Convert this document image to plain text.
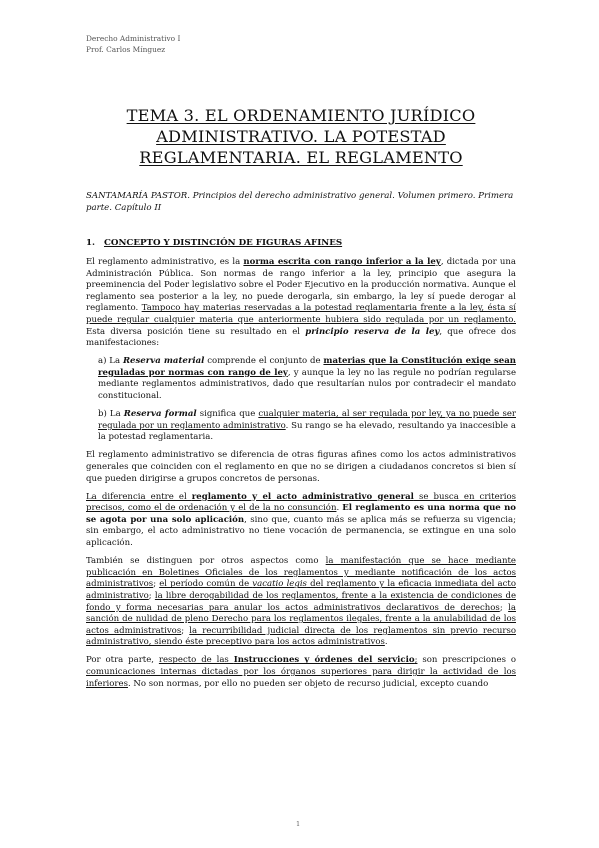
Derecho Administrativo I
Prof. Carlos Mínguez
TEMA 3. EL ORDENAMIENTO JURÍDICO
ADMINISTRATIVO. LA POTESTAD
REGLAMENTARIA. EL REGLAMENTO
SANTAMARÍA PASTOR. Principios del derecho administrativo general. Volumen primero. Primera parte. Capítulo II
1. CONCEPTO Y DISTINCIÓN DE FIGURAS AFINES

El reglamento administrativo, es la norma escrita con rango inferior a la ley, dictada por una Administración Pública. Son normas de rango inferior a la ley, principio que asegura la preeminencia del Poder legislativo sobre el Poder Ejecutivo en la producción normativa. Aunque el reglamento sea posterior a la ley, no puede derogarla, sin embargo, la ley sí puede derogar al reglamento. Tampoco hay materias reservadas a la potestad reglamentaria frente a la ley, ésta sí puede regular cualquier materia que anteriormente hubiera sido regulada por un reglamento. Esta diversa posición tiene su resultado en el principio reserva de la ley, que ofrece dos manifestaciones:

a) La Reserva material comprende el conjunto de materias que la Constitución exige sean reguladas por normas con rango de ley, y aunque la ley no las regule no podrían regularse mediante reglamentos administrativos, dado que resultarían nulos por contradecir el mandato constitucional.

b) La Reserva formal significa que cualquier materia, al ser regulada por ley, ya no puede ser regulada por un reglamento administrativo. Su rango se ha elevado, resultando ya inaccesible a la potestad reglamentaria.

El reglamento administrativo se diferencia de otras figuras afines como los actos administrativos generales que coinciden con el reglamento en que no se dirigen a ciudadanos concretos si bien sí que pueden dirigirse a grupos concretos de personas.

La diferencia entre el reglamento y el acto administrativo general se busca en criterios precisos, como el de ordenación y el de la no consunción. El reglamento es una norma que no se agota por una solo aplicación, sino que, cuanto más se aplica más se refuerza su vigencia; sin embargo, el acto administrativo no tiene vocación de permanencia, se extingue en una solo aplicación.

También se distinguen por otros aspectos como la manifestación que se hace mediante publicación en Boletines Oficiales de los reglamentos y mediante notificación de los actos administrativos; el período común de vacatio legis del reglamento y la eficacia inmediata del acto administrativo; la libre derogabilidad de los reglamentos, frente a la existencia de condiciones de fondo y forma necesarias para anular los actos administrativos declarativos de derechos; la sanción de nulidad de pleno Derecho para los reglamentos ilegales, frente a la anulabilidad de los actos administrativos; la recurribilidad judicial directa de los reglamentos sin previo recurso administrativo, siendo éste preceptivo para los actos administrativos.

Por otra parte, respecto de las Instrucciones y órdenes del servicio; son prescripciones o comunicaciones internas dictadas por los órganos superiores para dirigir la actividad de los inferiores. No son normas, por ello no pueden ser objeto de recurso judicial, excepto cuando

1
